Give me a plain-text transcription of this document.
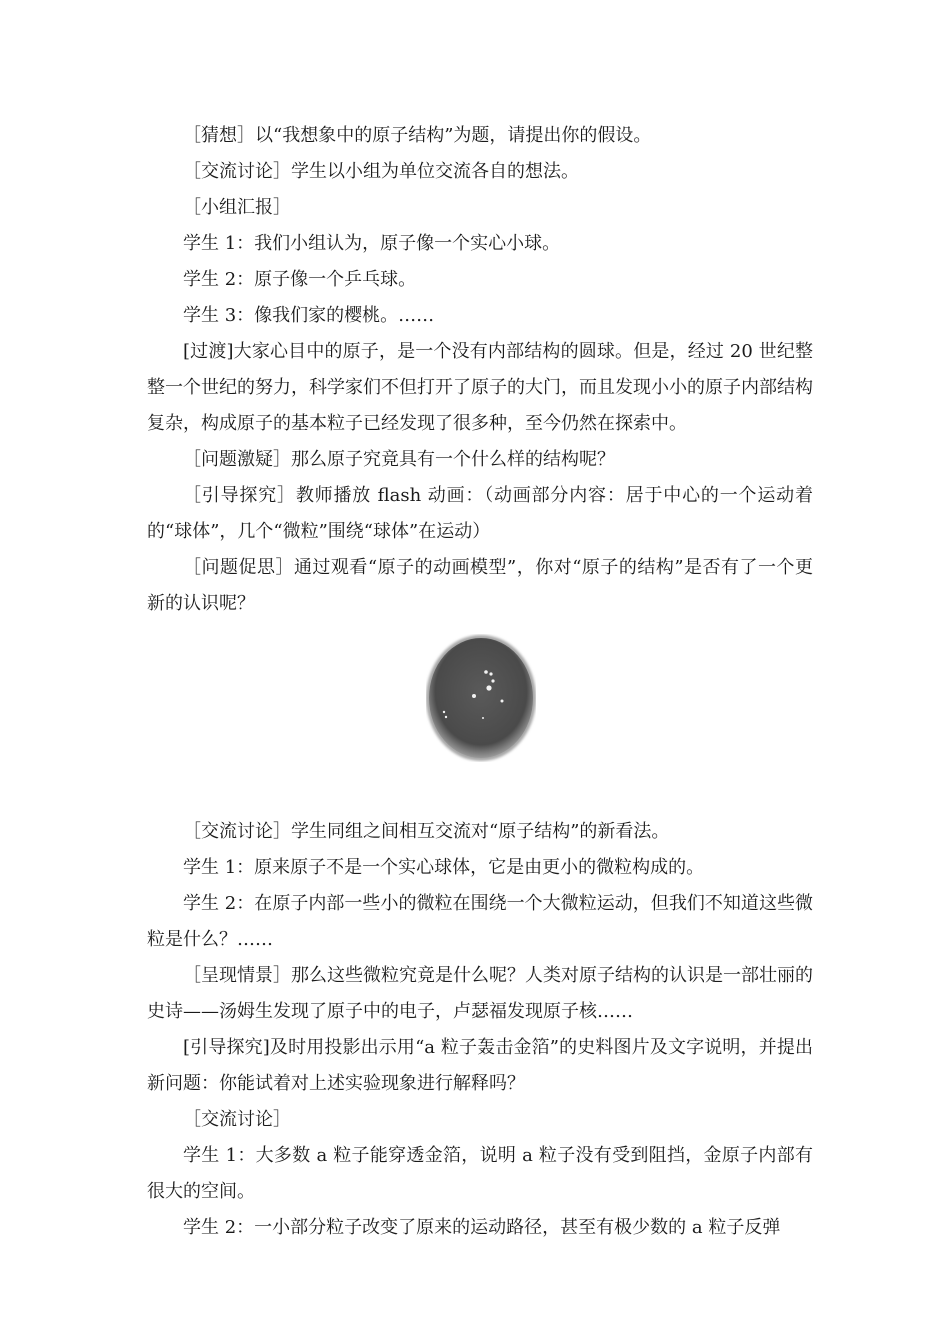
［猜想］以“我想象中的原子结构”为题，请提出你的假设。

［交流讨论］学生以小组为单位交流各自的想法。

［小组汇报］

学生 1：我们小组认为，原子像一个实心小球。

学生 2：原子像一个乒乓球。

学生 3：像我们家的樱桃。……

[过渡]大家心目中的原子，是一个没有内部结构的圆球。但是，经过 20 世纪整整一个世纪的努力，科学家们不但打开了原子的大门，而且发现小小的原子内部结构复杂，构成原子的基本粒子已经发现了很多种，至今仍然在探索中。

［问题激疑］那么原子究竟具有一个什么样的结构呢？

［引导探究］教师播放 flash 动画：（动画部分内容：居于中心的一个运动着的“球体”，几个“微粒”围绕“球体”在运动）

［问题促思］通过观看“原子的动画模型”，你对“原子的结构”是否有了一个更新的认识呢？

［交流讨论］学生同组之间相互交流对“原子结构”的新看法。

学生 1：原来原子不是一个实心球体，它是由更小的微粒构成的。

学生 2：在原子内部一些小的微粒在围绕一个大微粒运动，但我们不知道这些微粒是什么？……

［呈现情景］那么这些微粒究竟是什么呢？人类对原子结构的认识是一部壮丽的史诗——汤姆生发现了原子中的电子，卢瑟福发现原子核……

[引导探究]及时用投影出示用“a 粒子轰击金箔”的史料图片及文字说明，并提出新问题：你能试着对上述实验现象进行解释吗？

［交流讨论］

学生 1：大多数 a 粒子能穿透金箔，说明 a 粒子没有受到阻挡，金原子内部有很大的空间。

学生 2：一小部分粒子改变了原来的运动路径，甚至有极少数的 a 粒子反弹
